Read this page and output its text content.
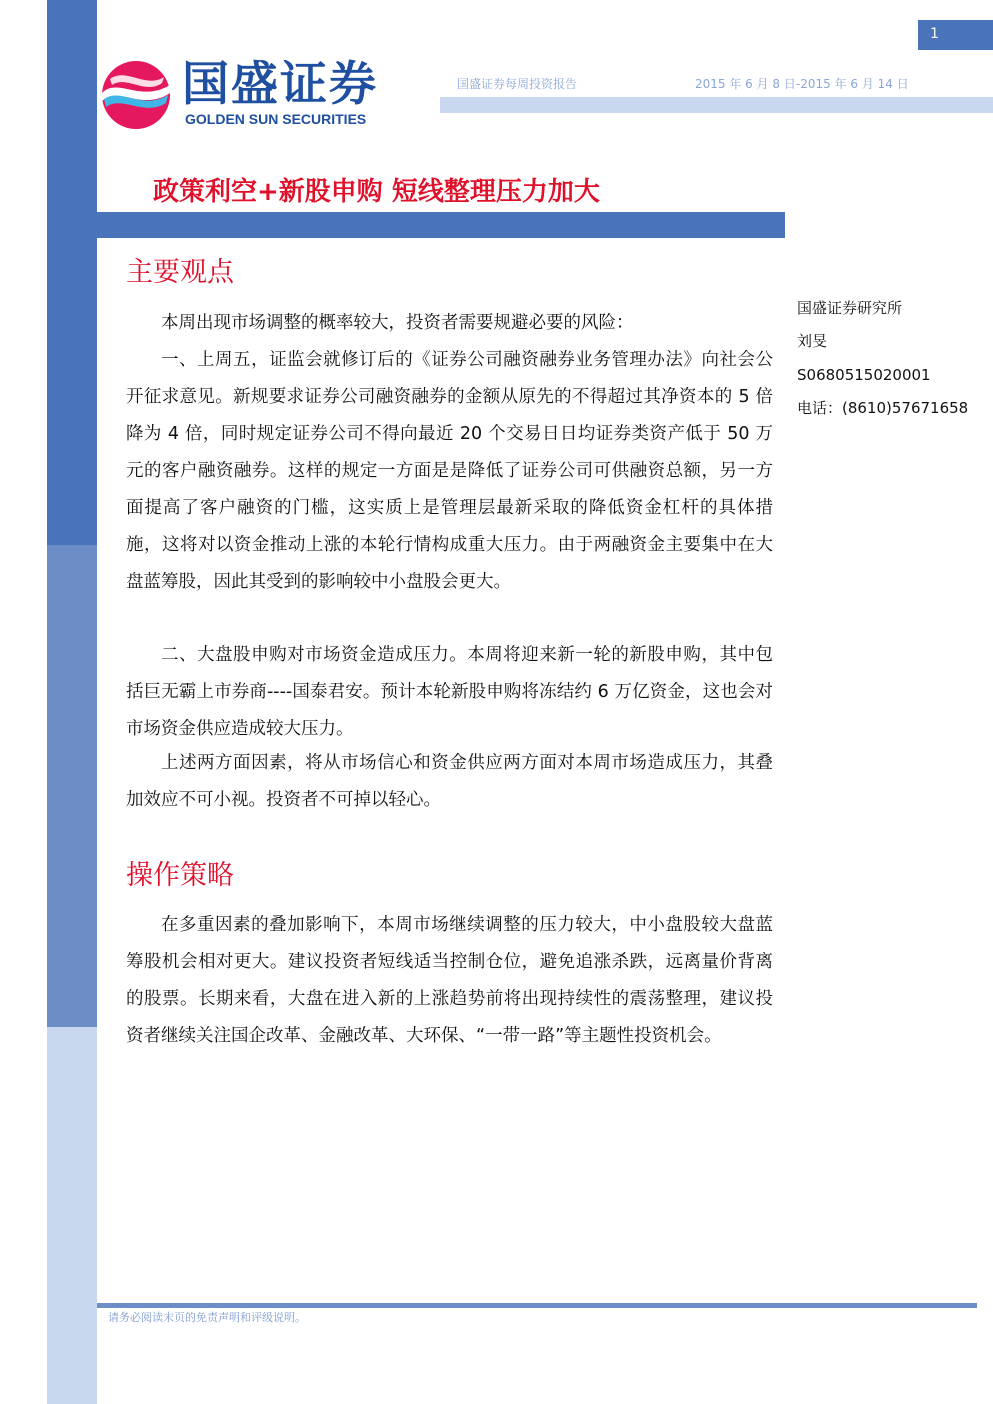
1
国盛证券每周投资报告	2015 年 6 月 8 日-2015 年 6 月 14 日
国盛证券
GOLDEN SUN SECURITIES
政策利空+新股申购 短线整理压力加大
主要观点

本周出现市场调整的概率较大，投资者需要规避必要的风险：

一、上周五，证监会就修订后的《证券公司融资融券业务管理办法》向社会公开征求意见。新规要求证券公司融资融券的金额从原先的不得超过其净资本的 5 倍降为 4 倍，同时规定证券公司不得向最近 20 个交易日日均证券类资产低于 50 万元的客户融资融券。这样的规定一方面是是降低了证券公司可供融资总额，另一方面提高了客户融资的门槛，这实质上是管理层最新采取的降低资金杠杆的具体措施，这将对以资金推动上涨的本轮行情构成重大压力。由于两融资金主要集中在大盘蓝筹股，因此其受到的影响较中小盘股会更大。

二、大盘股申购对市场资金造成压力。本周将迎来新一轮的新股申购，其中包括巨无霸上市券商----国泰君安。预计本轮新股申购将冻结约 6 万亿资金，这也会对市场资金供应造成较大压力。

上述两方面因素，将从市场信心和资金供应两方面对本周市场造成压力，其叠加效应不可小视。投资者不可掉以轻心。

操作策略

在多重因素的叠加影响下，本周市场继续调整的压力较大，中小盘股较大盘蓝筹股机会相对更大。建议投资者短线适当控制仓位，避免追涨杀跌，远离量价背离的股票。长期来看，大盘在进入新的上涨趋势前将出现持续性的震荡整理，建议投资者继续关注国企改革、金融改革、大环保、“一带一路”等主题性投资机会。

国盛证券研究所
刘旻
S0680515020001
电话：(8610)57671658
请务必阅读末页的免责声明和评级说明。
